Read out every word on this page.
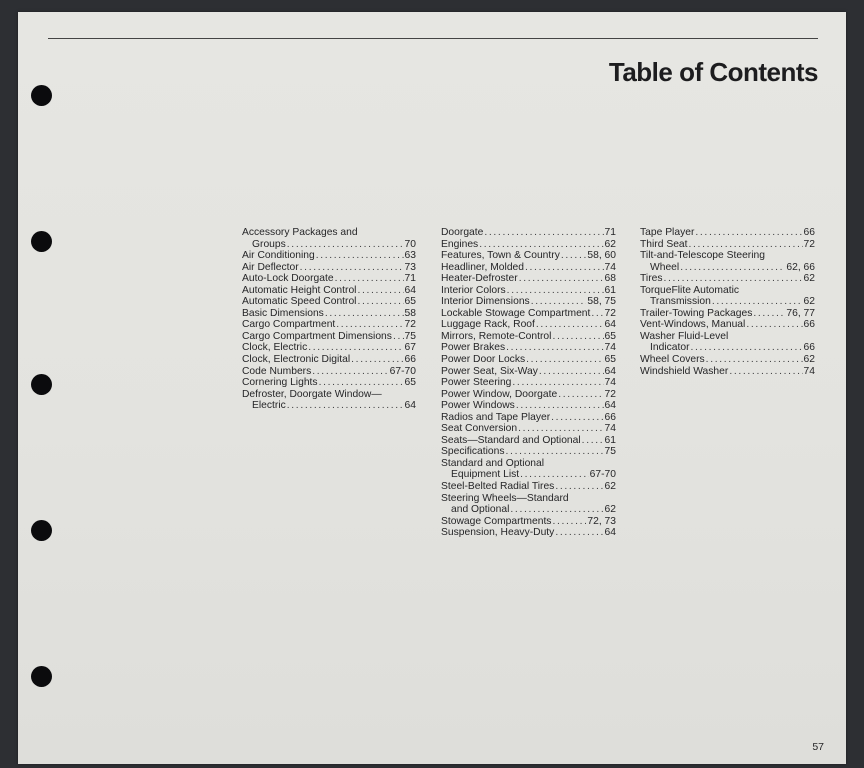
Table of Contents
Accessory Packages and
Groups . . .	70
Air Conditioning . . .	63
Air Deflector . . .	73
Auto-Lock Doorgate . . .	71
Automatic Height Control . . .	64
Automatic Speed Control . . .	65
Basic Dimensions . . .	58
Cargo Compartment . . .	72
Cargo Compartment Dimensions . . . 75
Clock, Electric . . .	67
Clock, Electronic Digital . . .	66
Code Numbers . . .	67-70
Cornering Lights . . .	65
Defroster, Doorgate Window—
Electric . . .	64
Doorgate . . .	71
Engines . . .	62
Features, Town & Country . . .	58, 60
Headliner, Molded . . .	74
Heater-Defroster . . .	68
Interior Colors . . .	61
Interior Dimensions . . .	58, 75
Lockable Stowage Compartment . . . 72
Luggage Rack, Roof . . .	64
Mirrors, Remote-Control . . .	65
Power Brakes . . .	74
Power Door Locks . . .	65
Power Seat, Six-Way . . .	64
Power Steering . . .	74
Power Window, Doorgate . . .	72
Power Windows . . .	64
Radios and Tape Player . . .	66
Seat Conversion . . .	74
Seats—Standard and Optional . . . 61
Specifications . . .	75
Standard and Optional
Equipment List . . .	67-70
Steel-Belted Radial Tires . . .	62
Steering Wheels—Standard
and Optional . . .	62
Stowage Compartments . . .	72, 73
Suspension, Heavy-Duty . . .	64
Tape Player . . .	66
Third Seat . . .	72
Tilt-and-Telescope Steering
Wheel . . .	62, 66
Tires . . .	62
TorqueFlite Automatic
Transmission . . .	62
Trailer-Towing Packages . . .	76, 77
Vent-Windows, Manual . . .	66
Washer Fluid-Level
Indicator . . .	66
Wheel Covers . . .	62
Windshield Washer . . .	74
57
